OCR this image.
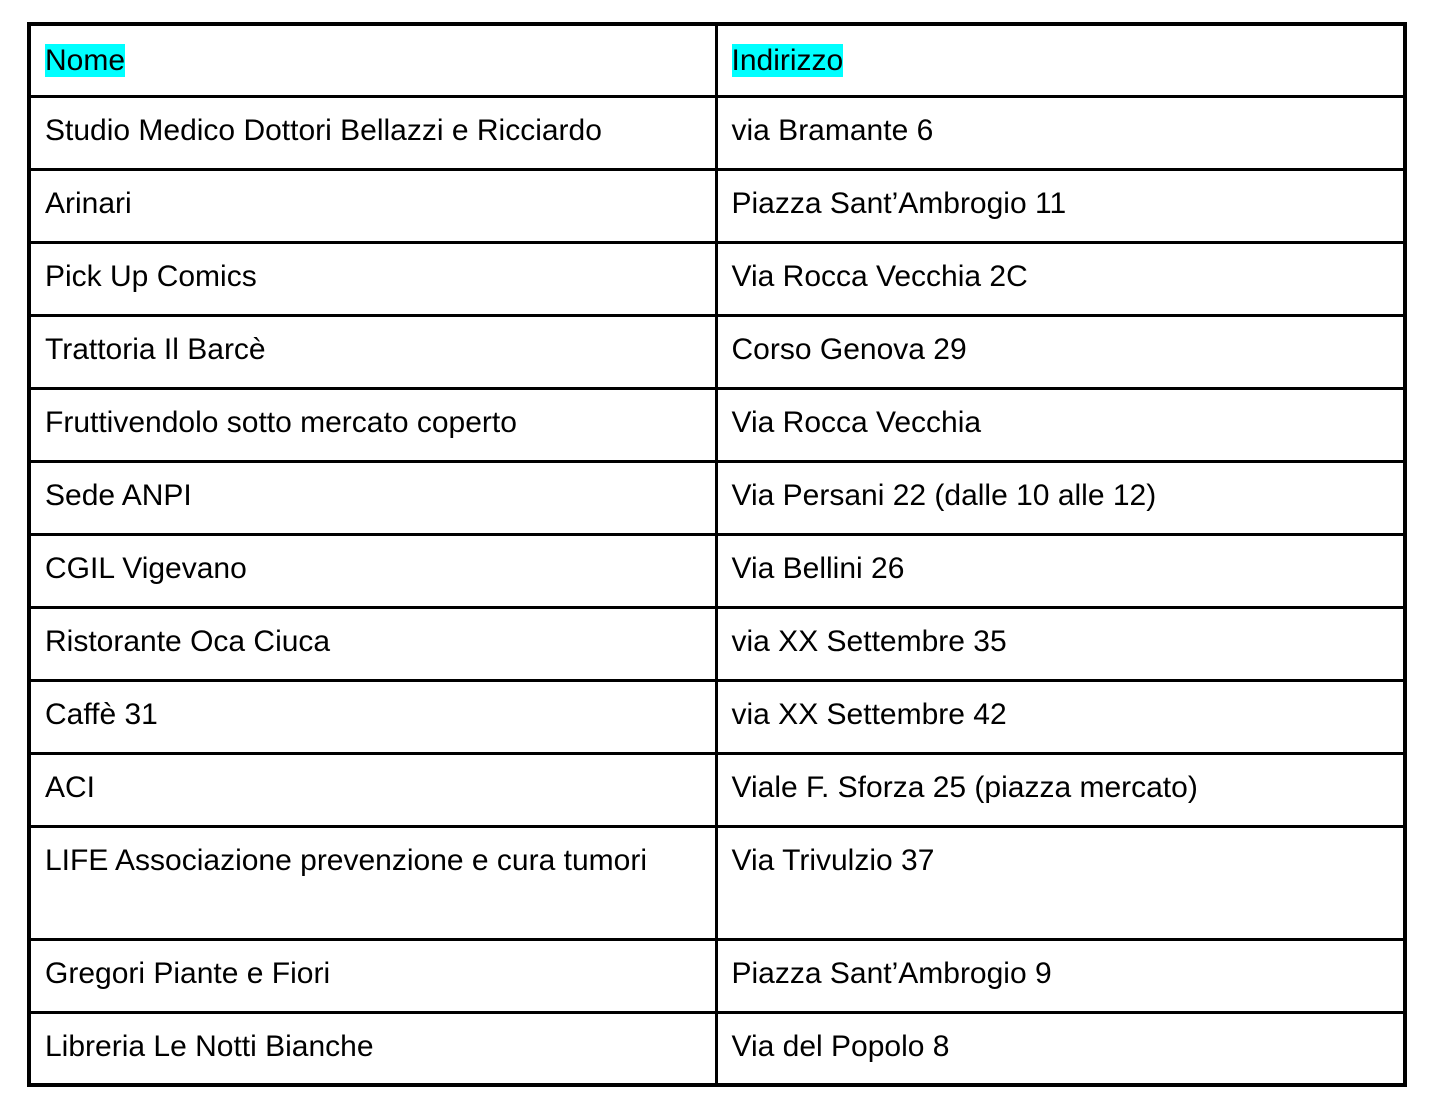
Nome	Indirizzo
Studio Medico Dottori Bellazzi e Ricciardo	via Bramante 6
Arinari	Piazza Sant’Ambrogio 11
Pick Up Comics	Via Rocca Vecchia 2C
Trattoria Il Barcè	Corso Genova 29
Fruttivendolo sotto mercato coperto	Via Rocca Vecchia
Sede ANPI	Via Persani 22 (dalle 10 alle 12)
CGIL Vigevano	Via Bellini 26
Ristorante Oca Ciuca	via XX Settembre 35
Caffè 31	via XX Settembre 42
ACI	Viale F. Sforza 25 (piazza mercato)
LIFE Associazione prevenzione e cura tumori	Via Trivulzio 37
Gregori Piante e Fiori	Piazza Sant’Ambrogio 9
Libreria Le Notti Bianche	Via del Popolo 8
